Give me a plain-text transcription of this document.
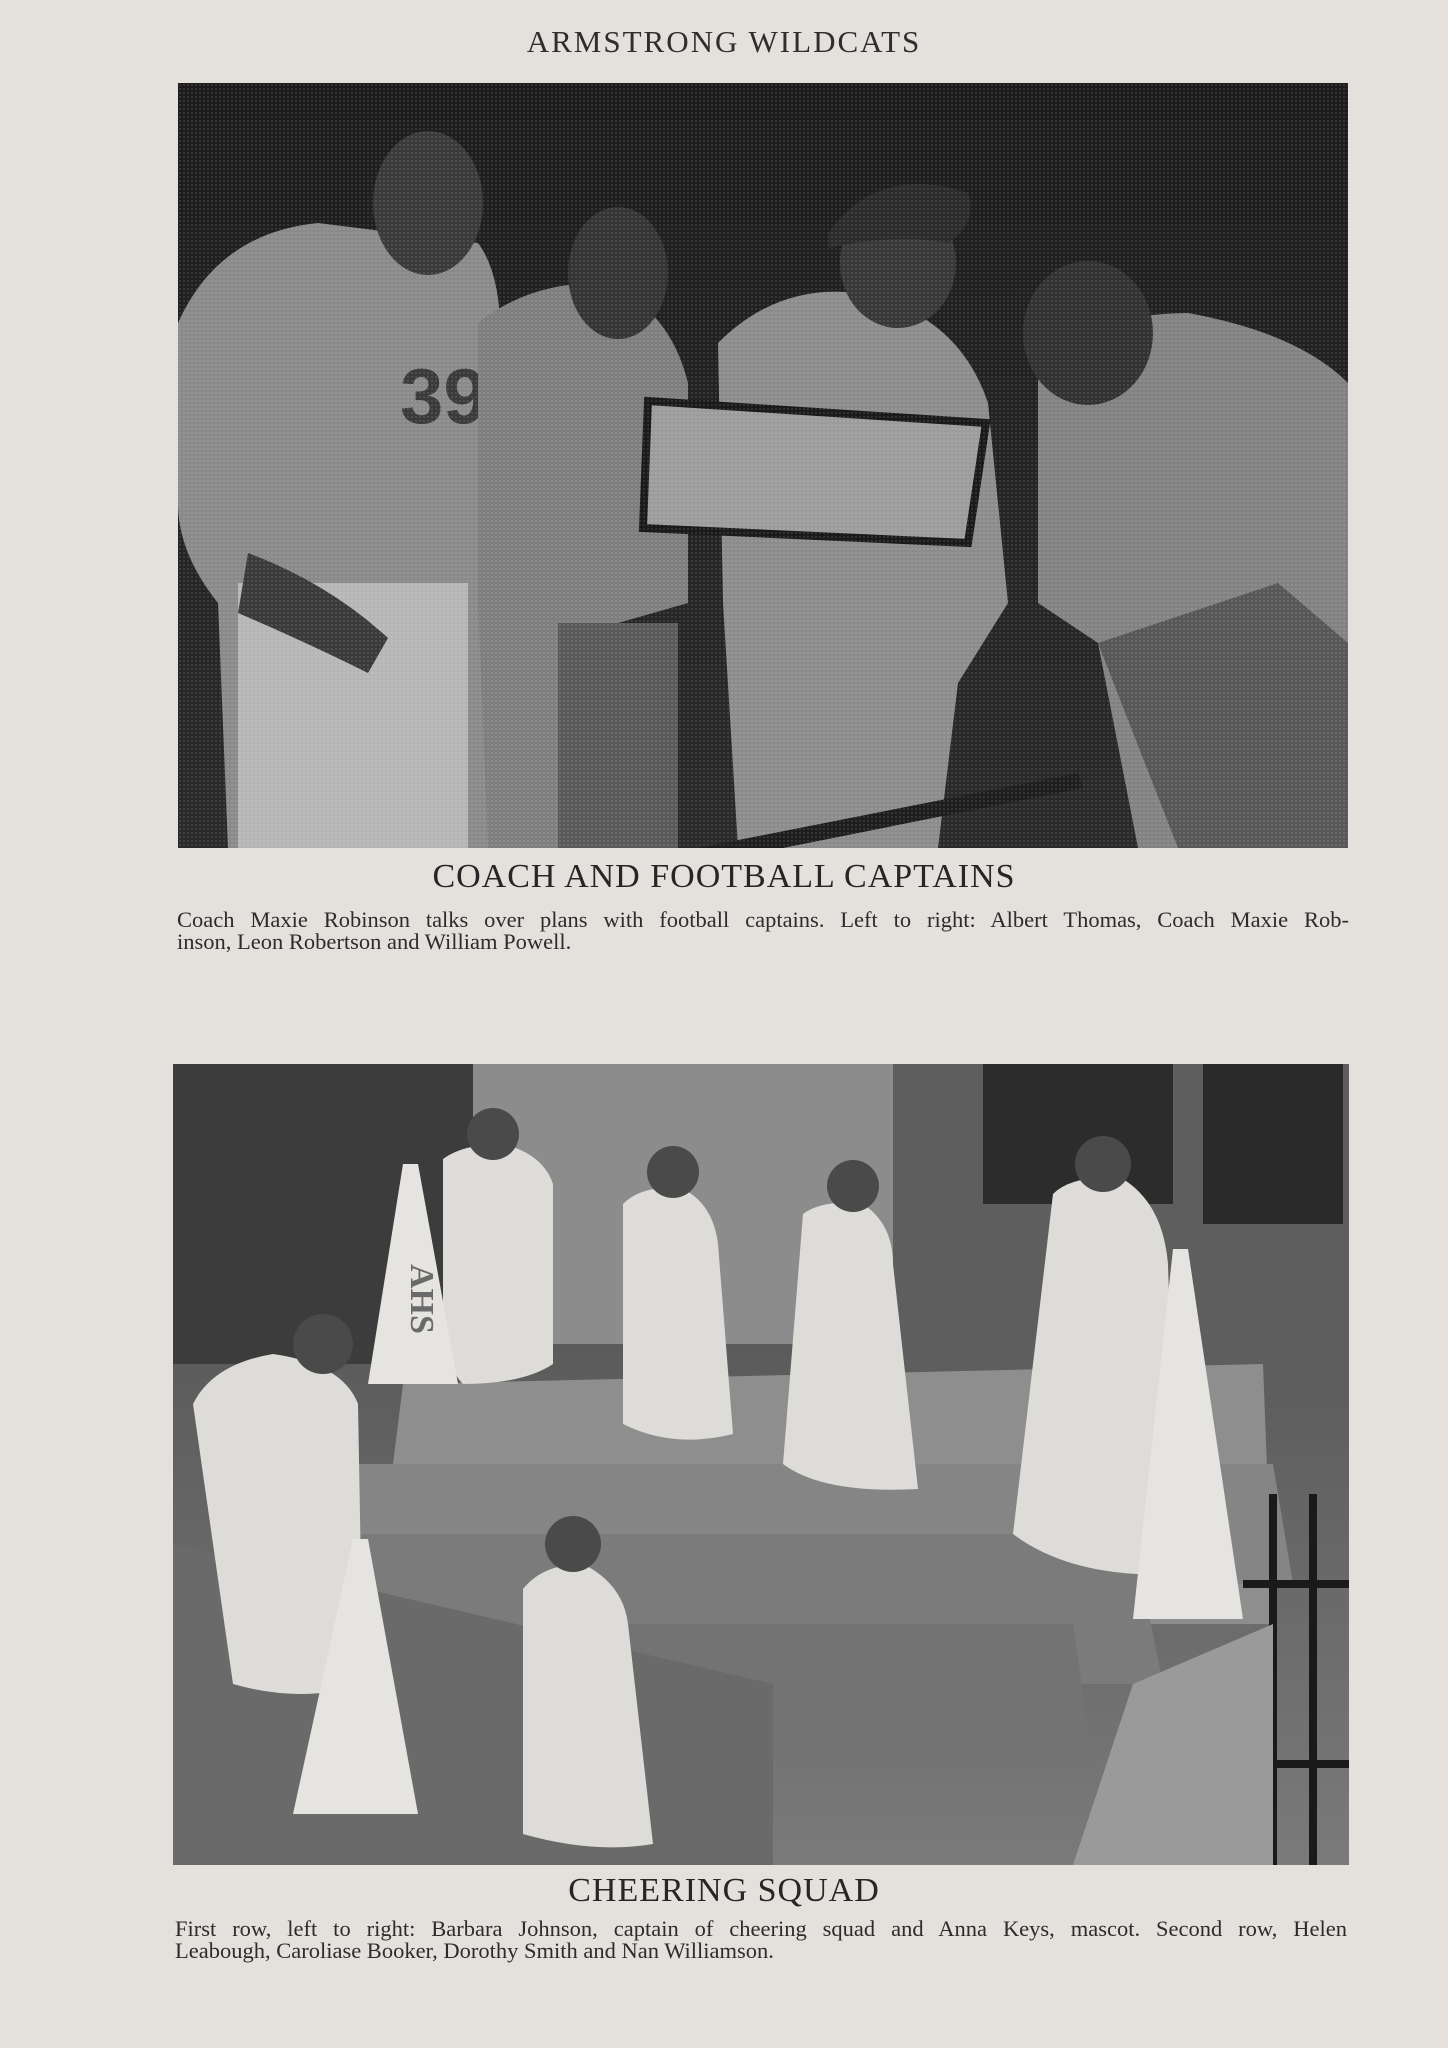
ARMSTRONG WILDCATS
COACH AND FOOTBALL CAPTAINS
Coach Maxie Robinson talks over plans with football captains. Left to right: Albert Thomas, Coach Maxie Rob-
inson, Leon Robertson and William Powell.
AHS
CHEERING SQUAD
First row, left to right: Barbara Johnson, captain of cheering squad and Anna Keys, mascot. Second row, Helen
Leabough, Caroliase Booker, Dorothy Smith and Nan Williamson.
